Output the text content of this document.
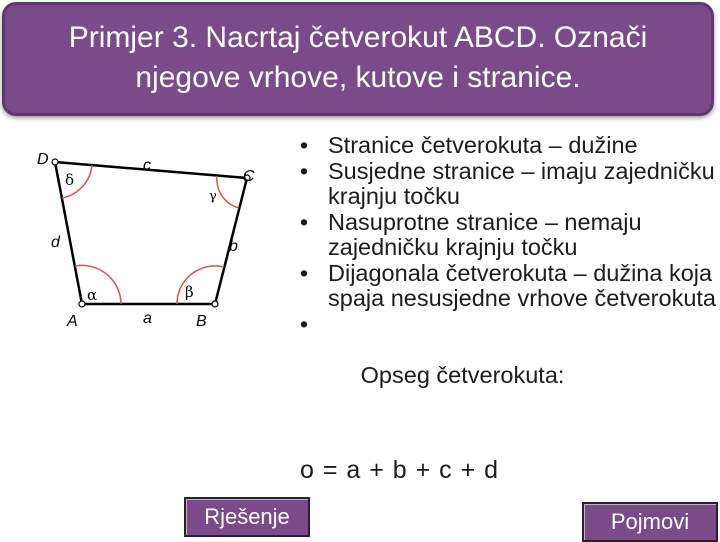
Primjer 3. Nacrtaj četverokut ABCD. Označi
njegove vrhove, kutove i stranice.
A	B
C
D
a
b
c
d
α	β
γ
δ
• Stranice četverokuta – dužine
• Susjedne stranice – imaju zajedničku krajnju točku
• Nasuprotne stranice – nemaju zajedničku krajnju točku
• Dijagonala četverokuta – dužina koja spaja nesusjedne vrhove četverokuta

•

Opseg četverokuta:

o = a + b + c + d
Rješenje	Pojmovi
